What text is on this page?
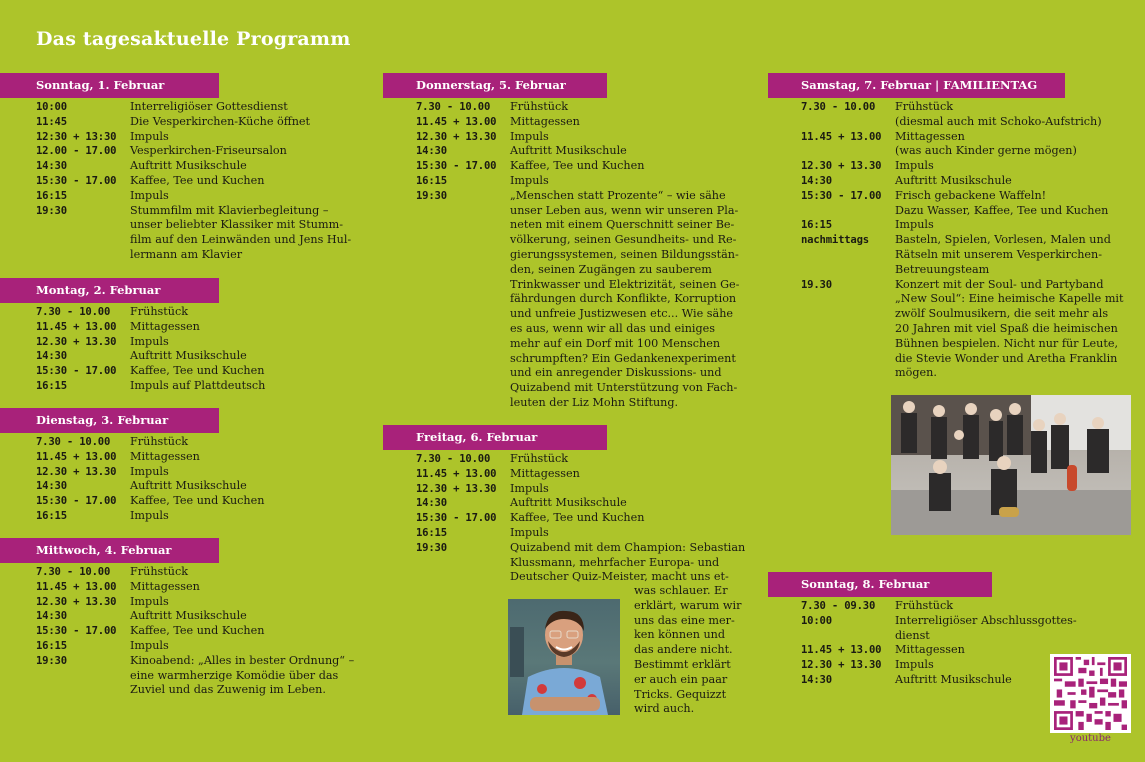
Das tagesaktuelle Programm
Sonntag, 1. Februar
10:00	Interreligiöser Gottesdienst
11:45	Die Vesperkirchen-Küche öffnet
12:30 + 13:30	Impuls
12.00 - 17.00	Vesperkirchen-Friseursalon
14:30	Auftritt Musikschule
15:30 - 17.00	Kaffee, Tee und Kuchen
16:15	Impuls
19:30	Stummfilm mit Klavierbegleitung –
unser beliebter Klassiker mit Stumm-
film auf den Leinwänden und Jens Hul-
lermann am Klavier
Montag, 2. Februar
7.30 - 10.00	Frühstück
11.45 + 13.00	Mittagessen
12.30 + 13.30	Impuls
14:30	Auftritt Musikschule
15:30 - 17.00	Kaffee, Tee und Kuchen
16:15	Impuls auf Plattdeutsch
Dienstag, 3. Februar
7.30 - 10.00	Frühstück
11.45 + 13.00	Mittagessen
12.30 + 13.30	Impuls
14:30	Auftritt Musikschule
15:30 - 17.00	Kaffee, Tee und Kuchen
16:15	Impuls
Mittwoch, 4. Februar
7.30 - 10.00	Frühstück
11.45 + 13.00	Mittagessen
12.30 + 13.30	Impuls
14:30	Auftritt Musikschule
15:30 - 17.00	Kaffee, Tee und Kuchen
16:15	Impuls
19:30	Kinoabend: „Alles in bester Ordnung“ –
eine warmherzige Komödie über das
Zuviel und das Zuwenig im Leben.
Donnerstag, 5. Februar
7.30 - 10.00	Frühstück
11.45 + 13.00	Mittagessen
12.30 + 13.30	Impuls
14:30	Auftritt Musikschule
15:30 - 17.00	Kaffee, Tee und Kuchen
16:15	Impuls
19:30	„Menschen statt Prozente“ – wie sähe
unser Leben aus, wenn wir unseren Pla-
neten mit einem Querschnitt seiner Be-
völkerung, seinen Gesundheits- und Re-
gierungssystemen, seinen Bildungsstän-
den, seinen Zugängen zu sauberem
Trinkwasser und Elektrizität, seinen Ge-
fährdungen durch Konflikte, Korruption
und unfreie Justizwesen etc... Wie sähe
es aus, wenn wir all das und einiges
mehr auf ein Dorf mit 100 Menschen
schrumpften? Ein Gedankenexperiment
und ein anregender Diskussions- und
Quizabend mit Unterstützung von Fach-
leuten der Liz Mohn Stiftung.
Freitag, 6. Februar
7.30 - 10.00	Frühstück
11.45 + 13.00	Mittagessen
12.30 + 13.30	Impuls
14:30	Auftritt Musikschule
15:30 - 17.00	Kaffee, Tee und Kuchen
16:15	Impuls
19:30	Quizabend mit dem Champion: Sebastian
Klussmann, mehrfacher Europa- und
Deutscher Quiz-Meister, macht uns et-
was schlauer. Er
erklärt, warum wir
uns das eine mer-
ken können und
das andere nicht.
Bestimmt erklärt
er auch ein paar
Tricks. Gequizzt
wird auch.
Samstag, 7. Februar | FAMILIENTAG
7.30 - 10.00	Frühstück
(diesmal auch mit Schoko-Aufstrich)
11.45 + 13.00	Mittagessen
(was auch Kinder gerne mögen)
12.30 + 13.30	Impuls
14:30	Auftritt Musikschule
15:30 - 17.00	Frisch gebackene Waffeln!
Dazu Wasser, Kaffee, Tee und Kuchen
16:15	Impuls
nachmittags	Basteln, Spielen, Vorlesen, Malen und
Rätseln mit unserem Vesperkirchen-
Betreuungsteam
19.30	Konzert mit der Soul- und Partyband
„New Soul“: Eine heimische Kapelle mit
zwölf Soulmusikern, die seit mehr als
20 Jahren mit viel Spaß die heimischen
Bühnen bespielen. Nicht nur für Leute,
die Stevie Wonder und Aretha Franklin
mögen.
Sonntag, 8. Februar
7.30 - 09.30	Frühstück
10:00	Interreligiöser Abschlussgottes-
dienst
11.45 + 13.00	Mittagessen
12.30 + 13.30	Impuls
14:30	Auftritt Musikschule
youtube
